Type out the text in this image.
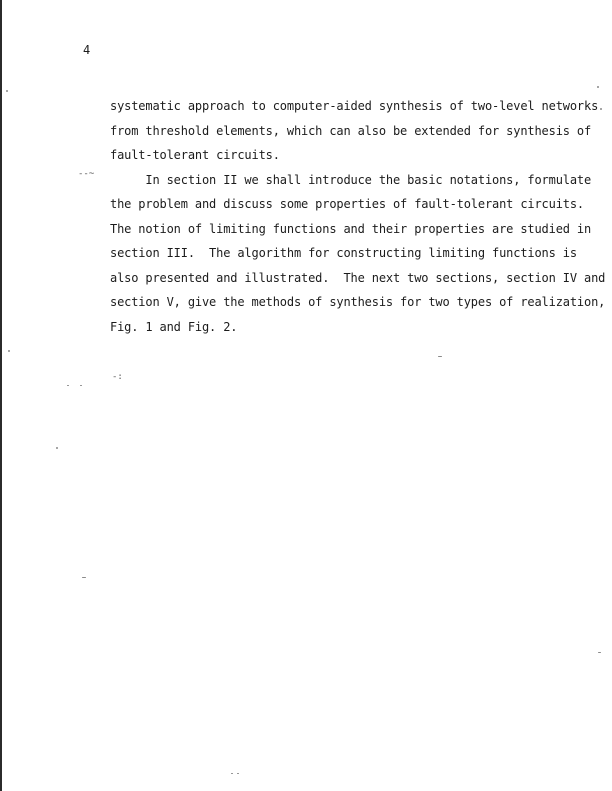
4
systematic approach to computer-aided synthesis of two-level networks
from threshold elements, which can also be extended for synthesis of
fault-tolerant circuits.
In section II we shall introduce the basic notations, formulate
the problem and discuss some properties of fault-tolerant circuits.
The notion of limiting functions and their properties are studied in
section III.  The algorithm for constructing limiting functions is
also presented and illustrated.  The next two sections, section IV and
section V, give the methods of synthesis for two types of realization,
Fig. 1 and Fig. 2.
--~
-:
